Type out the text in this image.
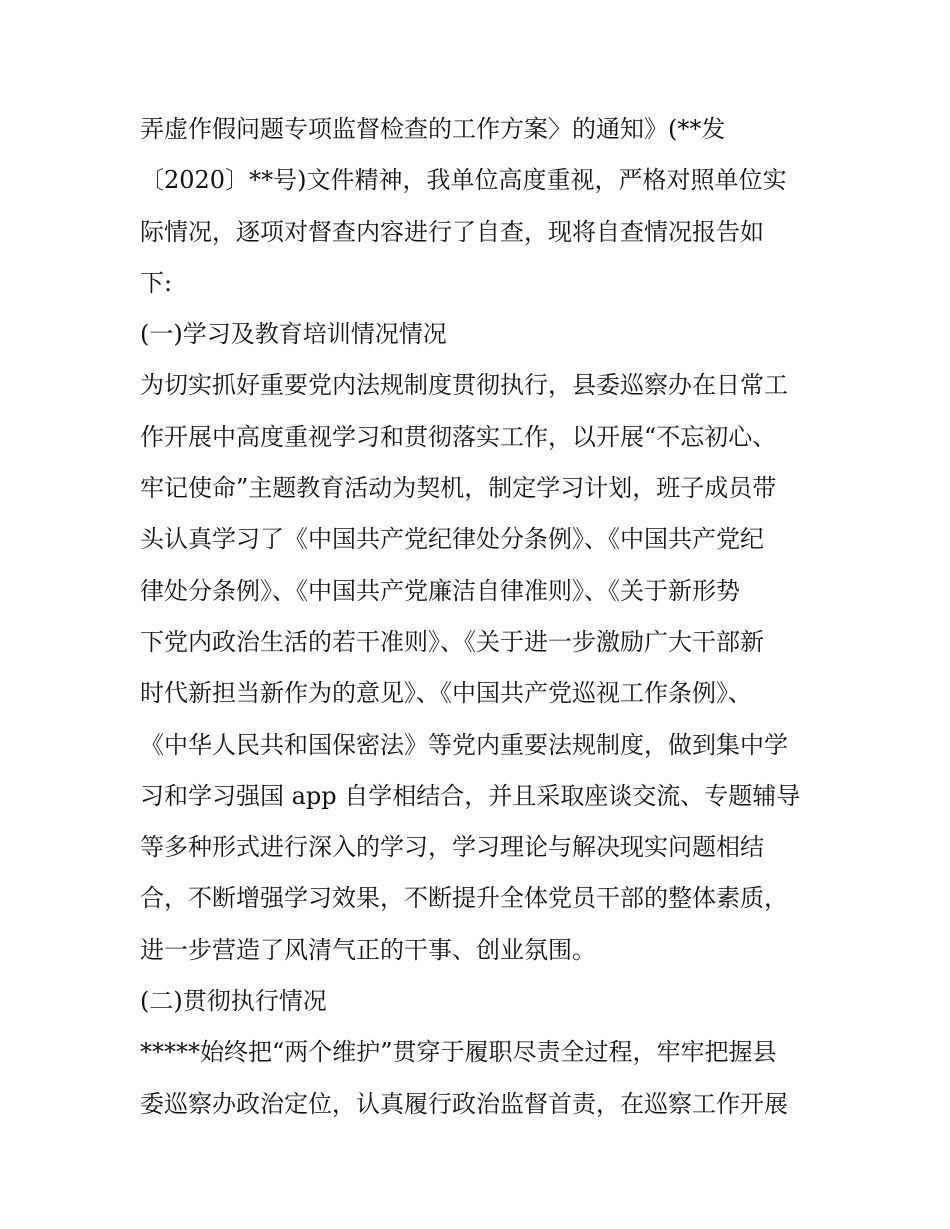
弄虚作假问题专项监督检查的工作方案〉的通知》(**发

〔2020〕**号)文件精神，我单位高度重视，严格对照单位实

际情况，逐项对督查内容进行了自查，现将自查情况报告如

下:

(一)学习及教育培训情况情况

为切实抓好重要党内法规制度贯彻执行，县委巡察办在日常工

作开展中高度重视学习和贯彻落实工作，以开展“不忘初心、

牢记使命”主题教育活动为契机，制定学习计划，班子成员带

头认真学习了《中国共产党纪律处分条例》、《中国共产党纪

律处分条例》、《中国共产党廉洁自律准则》、《关于新形势

下党内政治生活的若干准则》、《关于进一步激励广大干部新

时代新担当新作为的意见》、《中国共产党巡视工作条例》、

《中华人民共和国保密法》等党内重要法规制度，做到集中学

习和学习强国 app 自学相结合，并且采取座谈交流、专题辅导

等多种形式进行深入的学习，学习理论与解决现实问题相结

合，不断增强学习效果，不断提升全体党员干部的整体素质，

进一步营造了风清气正的干事、创业氛围。

(二)贯彻执行情况

*****始终把“两个维护”贯穿于履职尽责全过程，牢牢把握县

委巡察办政治定位，认真履行政治监督首责，在巡察工作开展
